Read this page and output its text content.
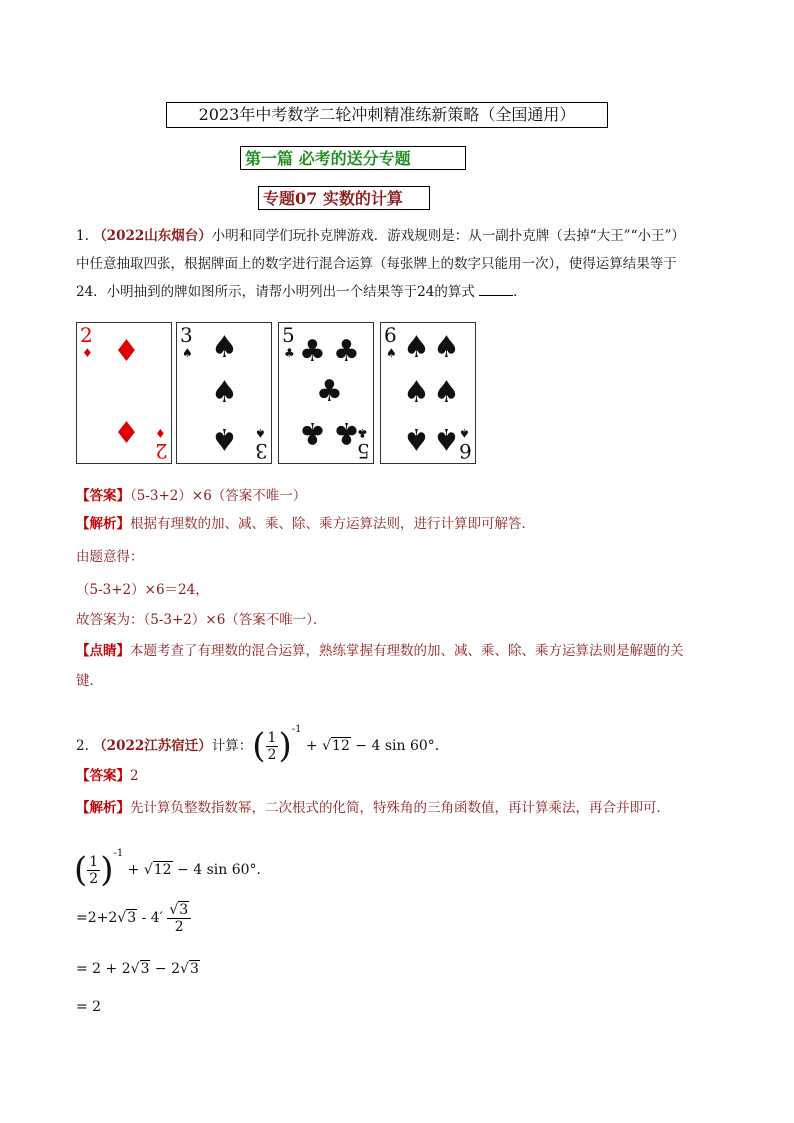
2023年中考数学二轮冲刺精准练新策略（全国通用）
第一篇 必考的送分专题
专题07 实数的计算
1. （2022山东烟台）小明和同学们玩扑克牌游戏．游戏规则是：从一副扑克牌（去掉“大王”“小王”）
中任意抽取四张，根据牌面上的数字进行混合运算（每张牌上的数字只能用一次），使得运算结果等于
24．小明抽到的牌如图所示，请帮小明列出一个结果等于24的算式	．
2
♦ ♦
♦ ♦
2
3
♠ ♠
♠
♠ ♠
3
5
♣ ♣ ♣
♣
♣ ♣
♣
5
6
♠ ♠ ♠
♠ ♠
♠ ♠ ♠
6
【答案】（5-3+2）×6（答案不唯一）
【解析】根据有理数的加、减、乘、除、乘方运算法则，进行计算即可解答．
由题意得：
（5-3+2）×6＝24，
故答案为：（5-3+2）×6（答案不唯一）．
【点睛】本题考查了有理数的混合运算，熟练掌握有理数的加、减、乘、除、乘方运算法则是解题的关
键．
2. （2022江苏宿迁）计算：( $\frac{1}{2} )^{-1} + √12 - 4$ sin 60°．
【答案】2
【解析】先计算负整数指数幂，二次根式的化简，特殊角的三角函数值，再计算乘法，再合并即可．
( $\frac{1}{2} )^{-1} + √12 - 4$ sin 60°．
$=2+2√3 - 4' \frac{√3}{2}$
= 2 + 2√3 − 2√3
= 2
